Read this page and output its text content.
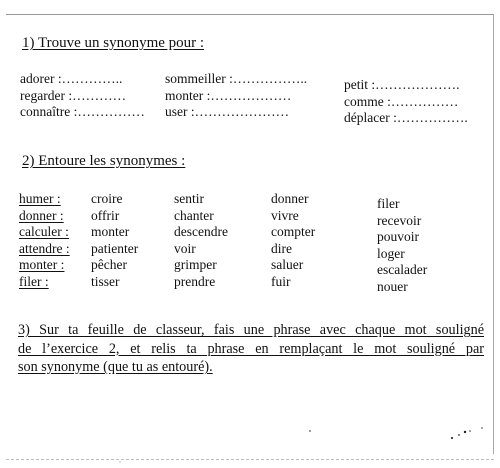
1) Trouve un synonyme pour :
adorer :…………..
regarder :…………
connaître :……………
sommeiller :……………..
monter :………………
user :…………………
petit :……………….
comme :……………
déplacer :…………….
2) Entoure les synonymes :
humer :
donner :
calculer :
attendre :
monter :
filer :
croire
offrir
monter
patienter
pêcher
tisser
sentir
chanter
descendre
voir
grimper
prendre
donner
vivre
compter
dire
saluer
fuir
filer
recevoir
pouvoir
loger
escalader
nouer
3) Sur ta feuille de classeur, fais une phrase avec chaque mot souligné
de l’exercice 2, et relis ta phrase en remplaçant le mot souligné par
son synonyme (que tu as entouré).
